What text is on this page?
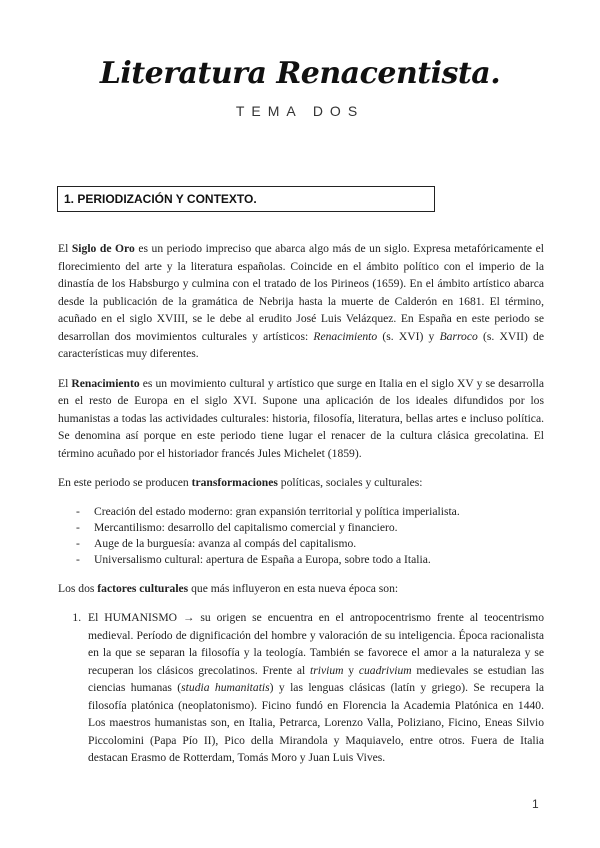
Literatura Renacentista.
TEMA DOS
1. PERIODIZACIÓN Y CONTEXTO.

El Siglo de Oro es un periodo impreciso que abarca algo más de un siglo. Expresa metafóricamente el florecimiento del arte y la literatura españolas. Coincide en el ámbito político con el imperio de la dinastía de los Habsburgo y culmina con el tratado de los Pirineos (1659). En el ámbito artístico abarca desde la publicación de la gramática de Nebrija hasta la muerte de Calderón en 1681. El término, acuñado en el siglo XVIII, se le debe al erudito José Luis Velázquez. En España en este periodo se desarrollan dos movimientos culturales y artísticos: Renacimiento (s. XVI) y Barroco (s. XVII) de características muy diferentes.

El Renacimiento es un movimiento cultural y artístico que surge en Italia en el siglo XV y se desarrolla en el resto de Europa en el siglo XVI. Supone una aplicación de los ideales difundidos por los humanistas a todas las actividades culturales: historia, filosofía, literatura, bellas artes e incluso política. Se denomina así porque en este periodo tiene lugar el renacer de la cultura clásica grecolatina. El término acuñado por el historiador francés Jules Michelet (1859).

En este periodo se producen transformaciones políticas, sociales y culturales:

- Creación del estado moderno: gran expansión territorial y política imperialista.
- Mercantilismo: desarrollo del capitalismo comercial y financiero.
- Auge de la burguesía: avanza al compás del capitalismo.
- Universalismo cultural: apertura de España a Europa, sobre todo a Italia.

Los dos factores culturales que más influyeron en esta nueva época son:

1. El HUMANISMO → su origen se encuentra en el antropocentrismo frente al teocentrismo medieval. Período de dignificación del hombre y valoración de su inteligencia. Época racionalista en la que se separan la filosofía y la teología. También se favorece el amor a la naturaleza y se recuperan los clásicos grecolatinos. Frente al trivium y cuadrivium medievales se estudian las ciencias humanas (studia humanitatis) y las lenguas clásicas (latín y griego). Se recupera la filosofía platónica (neoplatonismo). Ficino fundó en Florencia la Academia Platónica en 1440. Los maestros humanistas son, en Italia, Petrarca, Lorenzo Valla, Poliziano, Ficino, Eneas Silvio Piccolomini (Papa Pío II), Pico della Mirandola y Maquiavelo, entre otros. Fuera de Italia destacan Erasmo de Rotterdam, Tomás Moro y Juan Luis Vives.
1
